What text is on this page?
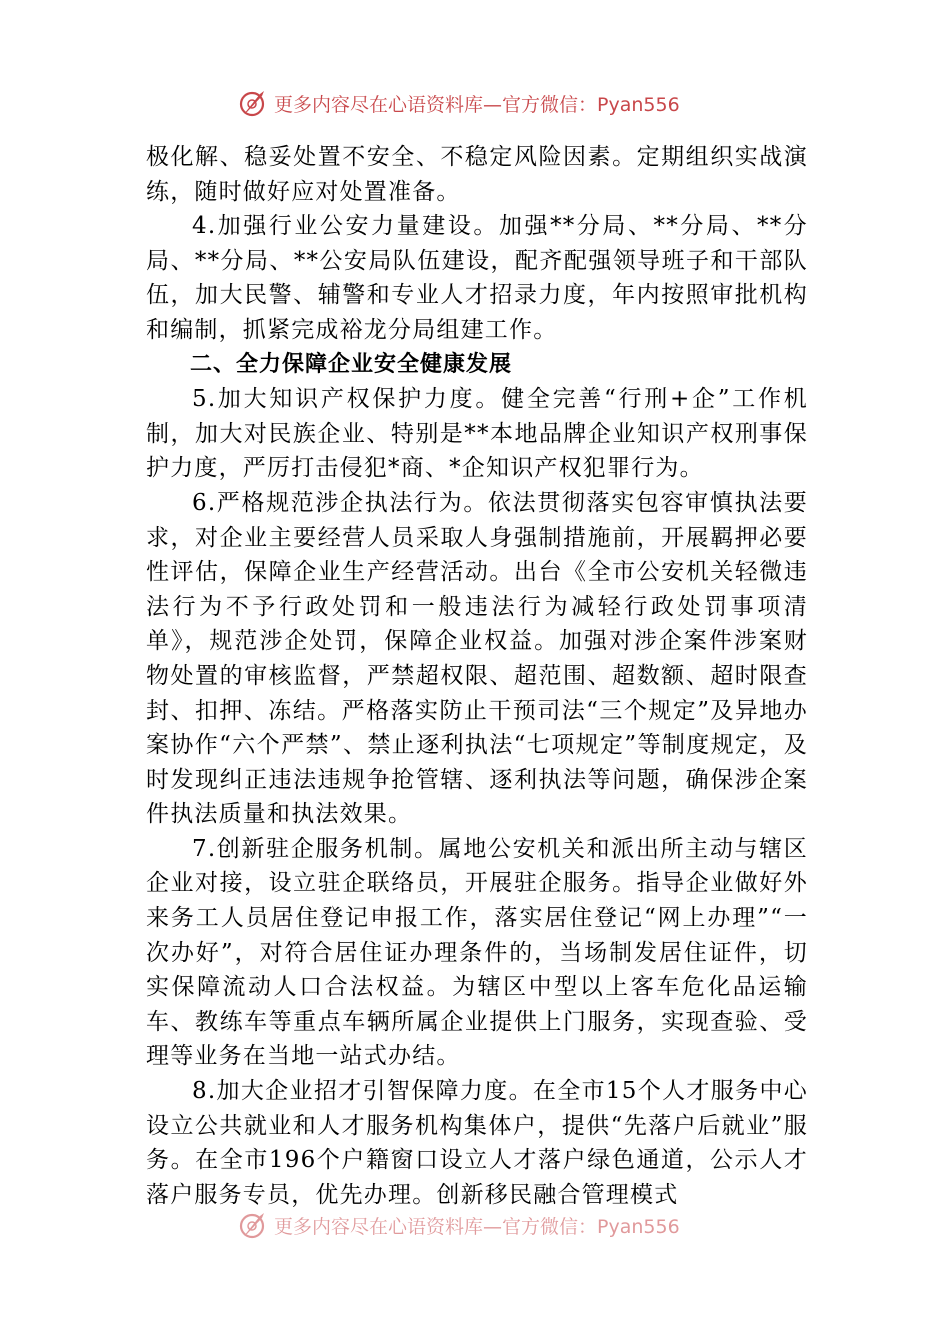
更多内容尽在心语资料库—官方微信：Pyan556

极化解、稳妥处置不安全、不稳定风险因素。定期组织实战演练，随时做好应对处置准备。

4.加强行业公安力量建设。加强**分局、**分局、**分局、**分局、**公安局队伍建设，配齐配强领导班子和干部队伍，加大民警、辅警和专业人才招录力度，年内按照审批机构和编制，抓紧完成裕龙分局组建工作。

二、全力保障企业安全健康发展

5.加大知识产权保护力度。健全完善“行刑+企”工作机制，加大对民族企业、特别是**本地品牌企业知识产权刑事保护力度，严厉打击侵犯*商、*企知识产权犯罪行为。

6.严格规范涉企执法行为。依法贯彻落实包容审慎执法要求，对企业主要经营人员采取人身强制措施前，开展羁押必要性评估，保障企业生产经营活动。出台《全市公安机关轻微违法行为不予行政处罚和一般违法行为减轻行政处罚事项清单》，规范涉企处罚，保障企业权益。加强对涉企案件涉案财物处置的审核监督，严禁超权限、超范围、超数额、超时限查封、扣押、冻结。严格落实防止干预司法“三个规定”及异地办案协作“六个严禁”、禁止逐利执法“七项规定”等制度规定，及时发现纠正违法违规争抢管辖、逐利执法等问题，确保涉企案件执法质量和执法效果。

7.创新驻企服务机制。属地公安机关和派出所主动与辖区企业对接，设立驻企联络员，开展驻企服务。指导企业做好外来务工人员居住登记申报工作，落实居住登记“网上办理”“一次办好”，对符合居住证办理条件的，当场制发居住证件，切实保障流动人口合法权益。为辖区中型以上客车危化品运输车、教练车等重点车辆所属企业提供上门服务，实现查验、受理等业务在当地一站式办结。

8.加大企业招才引智保障力度。在全市15个人才服务中心设立公共就业和人才服务机构集体户，提供“先落户后就业”服务。在全市196个户籍窗口设立人才落户绿色通道，公示人才落户服务专员，优先办理。创新移民融合管理模式

更多内容尽在心语资料库—官方微信：Pyan556
